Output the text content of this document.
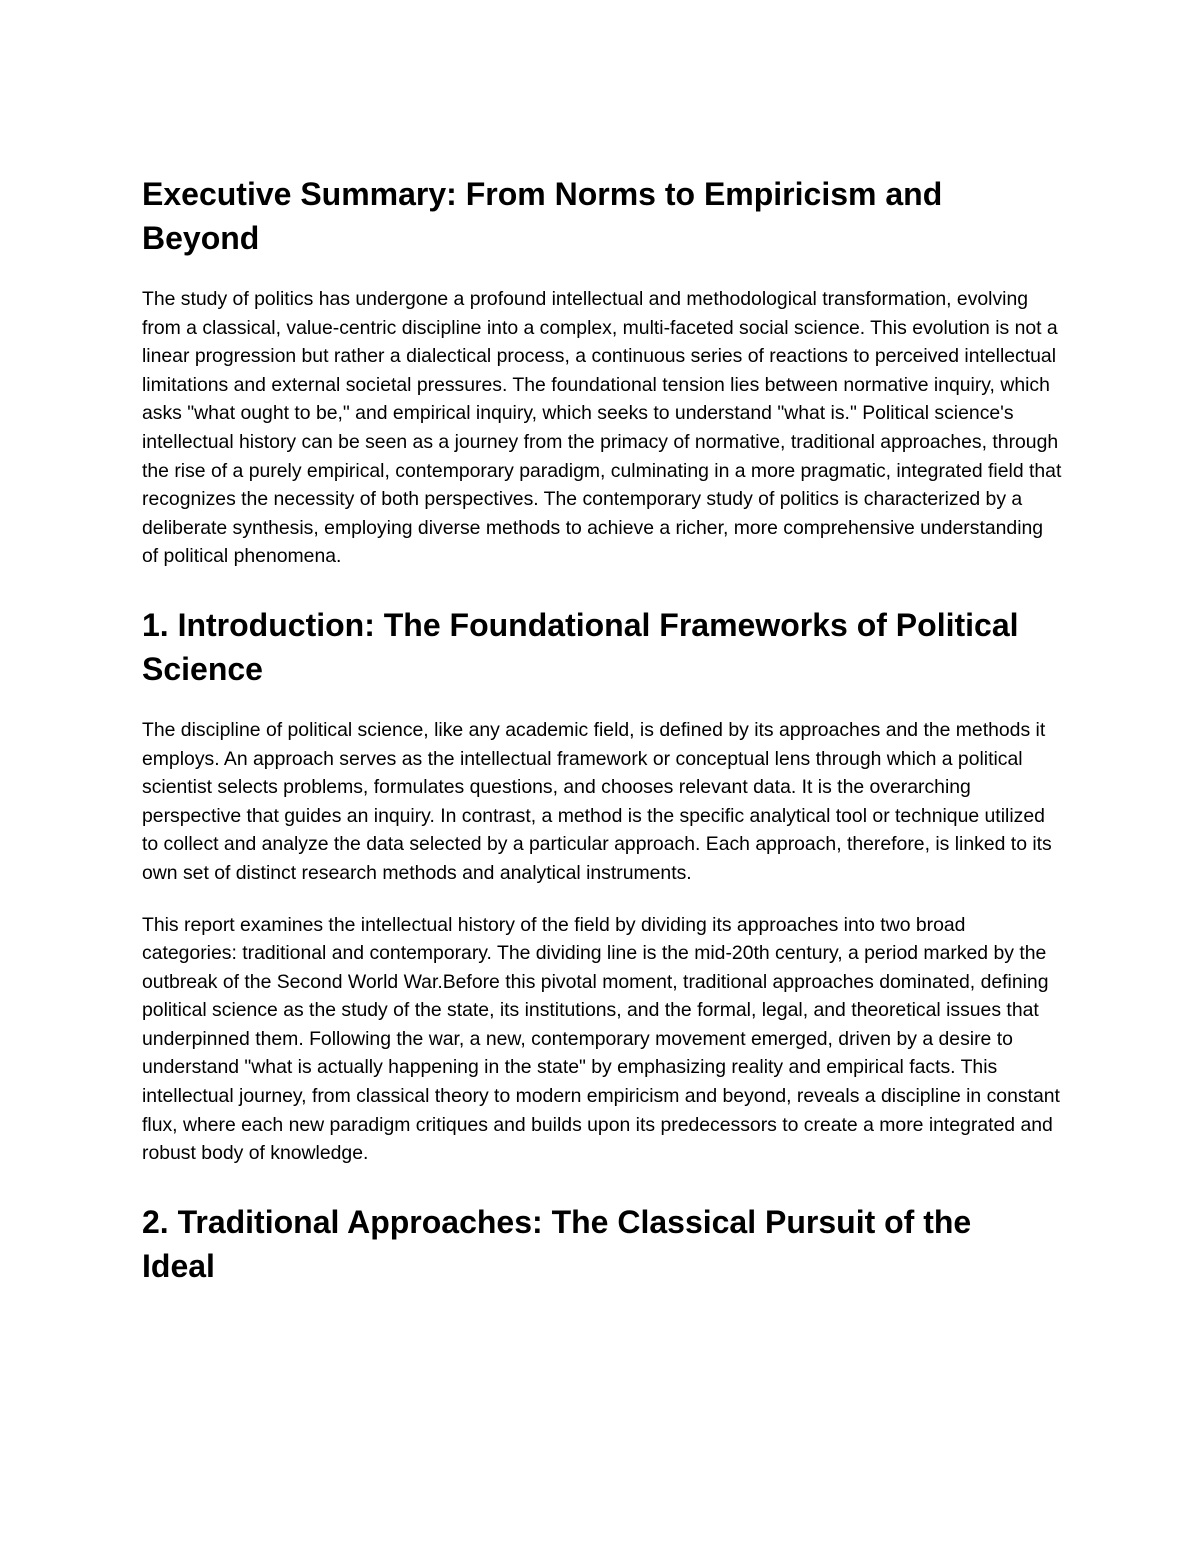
Executive Summary: From Norms to Empiricism and Beyond

The study of politics has undergone a profound intellectual and methodological transformation, evolving from a classical, value-centric discipline into a complex, multi-faceted social science. This evolution is not a linear progression but rather a dialectical process, a continuous series of reactions to perceived intellectual limitations and external societal pressures. The foundational tension lies between normative inquiry, which asks "what ought to be," and empirical inquiry, which seeks to understand "what is." Political science's intellectual history can be seen as a journey from the primacy of normative, traditional approaches, through the rise of a purely empirical, contemporary paradigm, culminating in a more pragmatic, integrated field that recognizes the necessity of both perspectives. The contemporary study of politics is characterized by a deliberate synthesis, employing diverse methods to achieve a richer, more comprehensive understanding of political phenomena.

1. Introduction: The Foundational Frameworks of Political Science

The discipline of political science, like any academic field, is defined by its approaches and the methods it employs. An approach serves as the intellectual framework or conceptual lens through which a political scientist selects problems, formulates questions, and chooses relevant data. It is the overarching perspective that guides an inquiry. In contrast, a method is the specific analytical tool or technique utilized to collect and analyze the data selected by a particular approach. Each approach, therefore, is linked to its own set of distinct research methods and analytical instruments.

This report examines the intellectual history of the field by dividing its approaches into two broad categories: traditional and contemporary. The dividing line is the mid-20th century, a period marked by the outbreak of the Second World War.Before this pivotal moment, traditional approaches dominated, defining political science as the study of the state, its institutions, and the formal, legal, and theoretical issues that underpinned them. Following the war, a new, contemporary movement emerged, driven by a desire to understand "what is actually happening in the state" by emphasizing reality and empirical facts. This intellectual journey, from classical theory to modern empiricism and beyond, reveals a discipline in constant flux, where each new paradigm critiques and builds upon its predecessors to create a more integrated and robust body of knowledge.

2. Traditional Approaches: The Classical Pursuit of the Ideal
